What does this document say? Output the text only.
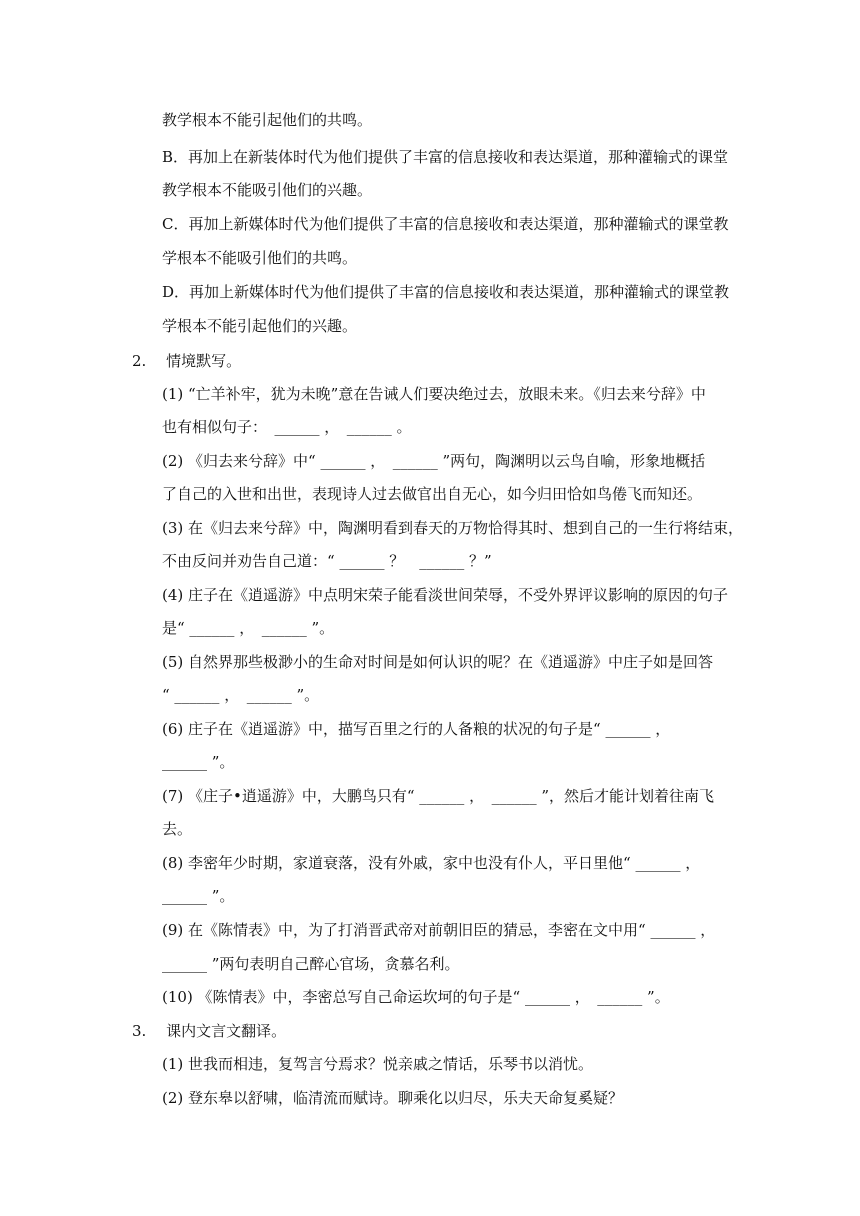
教学根本不能引起他们的共鸣。
B．再加上在新装体时代为他们提供了丰富的信息接收和表达渠道，那种灌输式的课堂
教学根本不能吸引他们的兴趣。
C．再加上新媒体时代为他们提供了丰富的信息接收和表达渠道，那种灌输式的课堂教
学根本不能吸引他们的共鸣。
D．再加上新媒体时代为他们提供了丰富的信息接收和表达渠道，那种灌输式的课堂教
学根本不能引起他们的兴趣。
2.　 情境默写。
(1) “亡羊补牢，犹为未晚”意在告诫人们要决绝过去，放眼未来。《归去来兮辞》中
也有相似句子：　______ ，　______ 。
(2) 《归去来兮辞》中“ ______ ，　______ ”两句，陶渊明以云鸟自喻，形象地概括
了自己的入世和出世，表现诗人过去做官出自无心，如今归田恰如鸟倦飞而知还。
(3) 在《归去来兮辞》中，陶渊明看到春天的万物恰得其时、想到自己的一生行将结束，
不由反问并劝告自己道：“ ______ ？　______ ？”
(4) 庄子在《逍遥游》中点明宋荣子能看淡世间荣辱，不受外界评议影响的原因的句子
是“ ______ ，　______ ”。
(5) 自然界那些极渺小的生命对时间是如何认识的呢？在《逍遥游》中庄子如是回答
“ ______ ，　______ ”。
(6) 庄子在《逍遥游》中，描写百里之行的人备粮的状况的句子是“ ______ ，
______ ”。
(7) 《庄子•逍遥游》中，大鹏鸟只有“ ______ ，　______ ”，然后才能计划着往南飞
去。
(8) 李密年少时期，家道衰落，没有外戚，家中也没有仆人，平日里他“ ______ ，
______ ”。
(9) 在《陈情表》中，为了打消晋武帝对前朝旧臣的猜忌，李密在文中用“ ______ ，
______ ”两句表明自己醉心官场，贪慕名利。
(10) 《陈情表》中，李密总写自己命运坎坷的句子是“ ______ ，　______ ”。
3.　 课内文言文翻译。
(1) 世我而相违，复驾言兮焉求？悦亲戚之情话，乐琴书以消忧。
(2) 登东皋以舒啸，临清流而赋诗。聊乘化以归尽，乐夫天命复奚疑？
